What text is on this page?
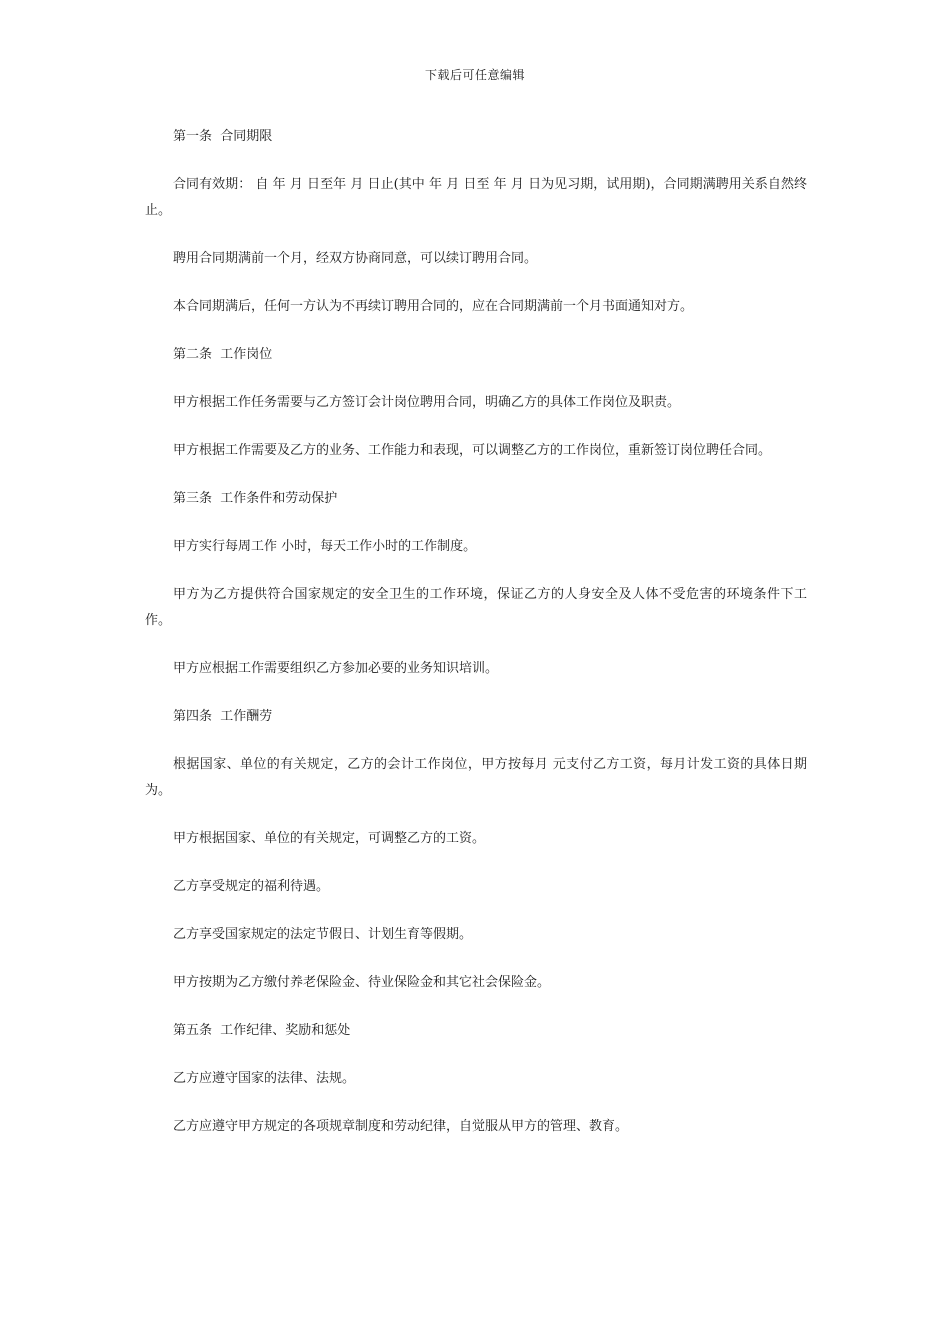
下载后可任意编辑

第一条  合同期限

合同有效期： 自 年 月 日至年 月 日止(其中 年 月 日至 年 月 日为见习期，试用期)，合同期满聘用关系自然终止。

聘用合同期满前一个月，经双方协商同意，可以续订聘用合同。

本合同期满后，任何一方认为不再续订聘用合同的，应在合同期满前一个月书面通知对方。

第二条  工作岗位

甲方根据工作任务需要与乙方签订会计岗位聘用合同，明确乙方的具体工作岗位及职责。

甲方根据工作需要及乙方的业务、工作能力和表现，可以调整乙方的工作岗位，重新签订岗位聘任合同。

第三条  工作条件和劳动保护

甲方实行每周工作 小时，每天工作小时的工作制度。

甲方为乙方提供符合国家规定的安全卫生的工作环境，保证乙方的人身安全及人体不受危害的环境条件下工作。

甲方应根据工作需要组织乙方参加必要的业务知识培训。

第四条  工作酬劳

根据国家、单位的有关规定，乙方的会计工作岗位，甲方按每月 元支付乙方工资，每月计发工资的具体日期为。

甲方根据国家、单位的有关规定，可调整乙方的工资。

乙方享受规定的福利待遇。

乙方享受国家规定的法定节假日、计划生育等假期。

甲方按期为乙方缴付养老保险金、待业保险金和其它社会保险金。

第五条  工作纪律、奖励和惩处

乙方应遵守国家的法律、法规。

乙方应遵守甲方规定的各项规章制度和劳动纪律，自觉服从甲方的管理、教育。
